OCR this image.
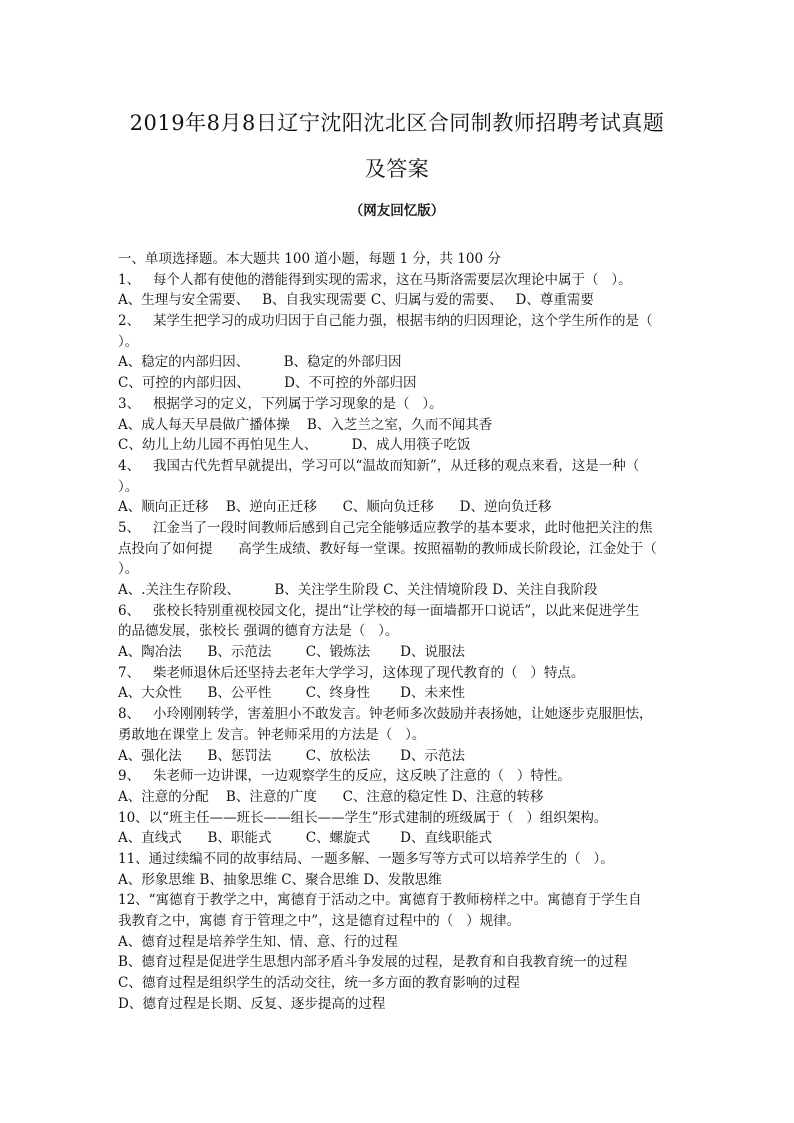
2019年8月8日辽宁沈阳沈北区合同制教师招聘考试真题
及答案
（网友回忆版）
一、单项选择题。本大题共 100 道小题，每题 1 分，共 100 分
1、   每个人都有使他的潜能得到实现的需求，这在马斯洛需要层次理论中属于（   ）。
A、生理与安全需要、   B、自我实现需要 C、归属与爱的需要、   D、尊重需要
2、   某学生把学习的成功归因于自己能力强，根据韦纳的归因理论，这个学生所作的是（
）。
A、稳定的内部归因、        B、稳定的外部归因
C、可控的内部归因、        D、不可控的外部归因
3、   根据学习的定义，下列属于学习现象的是（   ）。
A、成人每天早晨做广播体操    B、入芝兰之室，久而不闻其香
C、幼儿上幼儿园不再怕见生人、        D、成人用筷子吃饭
4、   我国古代先哲早就提出，学习可以“温故而知新”，从迁移的观点来看，这是一种（
）。
A、顺向正迁移    B、逆向正迁移      C、顺向负迁移      D、逆向负迁移
5、   江金当了一段时间教师后感到自己完全能够适应教学的基本要求，此时他把关注的焦
点投向了如何提      高学生成绩、教好每一堂课。按照福勒的教师成长阶段论，江金处于（
）。
A、.关注生存阶段、        B、关注学生阶段 C、关注情境阶段 D、关注自我阶段
6、   张校长特别重视校园文化，提出“让学校的每一面墙都开口说话”，以此来促进学生
的品德发展，张校长 强调的德育方法是（   ）。
A、陶冶法      B、示范法        C、锻炼法       D、说服法
7、   柴老师退休后还坚持去老年大学学习，这体现了现代教育的（   ）特点。
A、大众性      B、公平性        C、终身性       D、未来性
8、   小玲刚刚转学，害羞胆小不敢发言。钟老师多次鼓励并表扬她，让她逐步克服胆怯，
勇敢地在课堂上 发言。钟老师采用的方法是（   ）。
A、强化法      B、惩罚法        C、放松法       D、示范法
9、   朱老师一边讲课，一边观察学生的反应，这反映了注意的（   ）特性。
A、注意的分配    B、注意的广度      C、注意的稳定性 D、注意的转移
10、以“班主任——班长——组长——学生”形式建制的班级属于（   ）组织架构。
A、直线式      B、职能式        C、螺旋式       D、直线职能式
11、通过续编不同的故事结局、一题多解、一题多写等方式可以培养学生的（   ）。
A、形象思维 B、抽象思维 C、聚合思维 D、发散思维
12、“寓德育于教学之中，寓德育于活动之中。寓德育于教师榜样之中。寓德育于学生自
我教育之中，寓德 育于管理之中”，这是德育过程中的（   ）规律。
A、德育过程是培养学生知、情、意、行的过程
B、德育过程是促进学生思想内部矛盾斗争发展的过程，是教育和自我教育统一的过程
C、德育过程是组织学生的活动交往，统一多方面的教育影响的过程
D、德育过程是长期、反复、逐步提高的过程
